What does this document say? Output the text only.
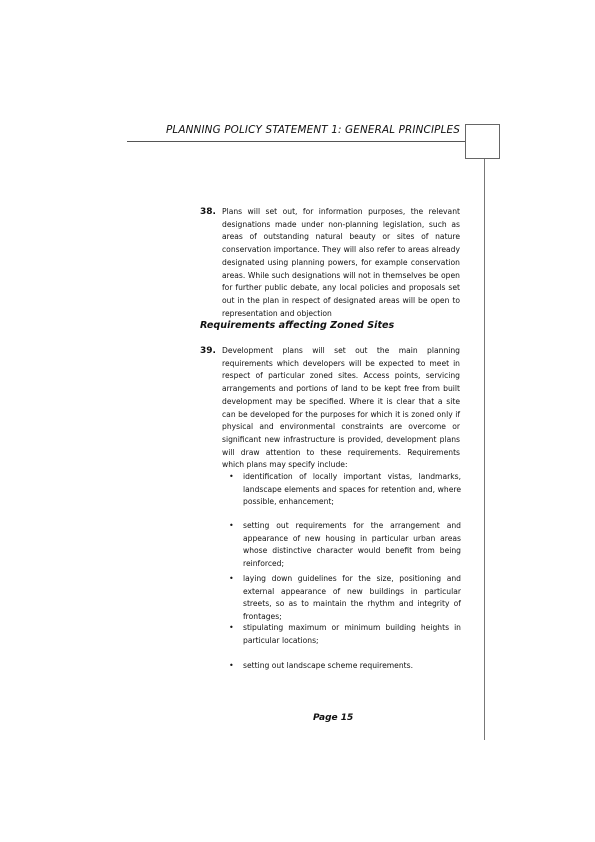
PLANNING POLICY STATEMENT 1: GENERAL PRINCIPLES
38. Plans will set out, for information purposes, the relevant designations made under non-planning legislation, such as areas of outstanding natural beauty or sites of nature conservation importance. They will also refer to areas already designated using planning powers, for example conservation areas. While such designations will not in themselves be open for further public debate, any local policies and proposals set out in the plan in respect of designated areas will be open to representation and objection
Requirements affecting Zoned Sites
39. Development plans will set out the main planning requirements which developers will be expected to meet in respect of particular zoned sites. Access points, servicing arrangements and portions of land to be kept free from built development may be specified. Where it is clear that a site can be developed for the purposes for which it is zoned only if physical and environmental constraints are overcome or significant new infrastructure is provided, development plans will draw attention to these requirements. Requirements which plans may specify include:
• identification of locally important vistas, landmarks, landscape elements and spaces for retention and, where possible, enhancement;
• setting out requirements for the arrangement and appearance of new housing in particular urban areas whose distinctive character would benefit from being reinforced;
• laying down guidelines for the size, positioning and external appearance of new buildings in particular streets, so as to maintain the rhythm and integrity of frontages;
• stipulating maximum or minimum building heights in particular locations;
• setting out landscape scheme requirements.
Page 15
